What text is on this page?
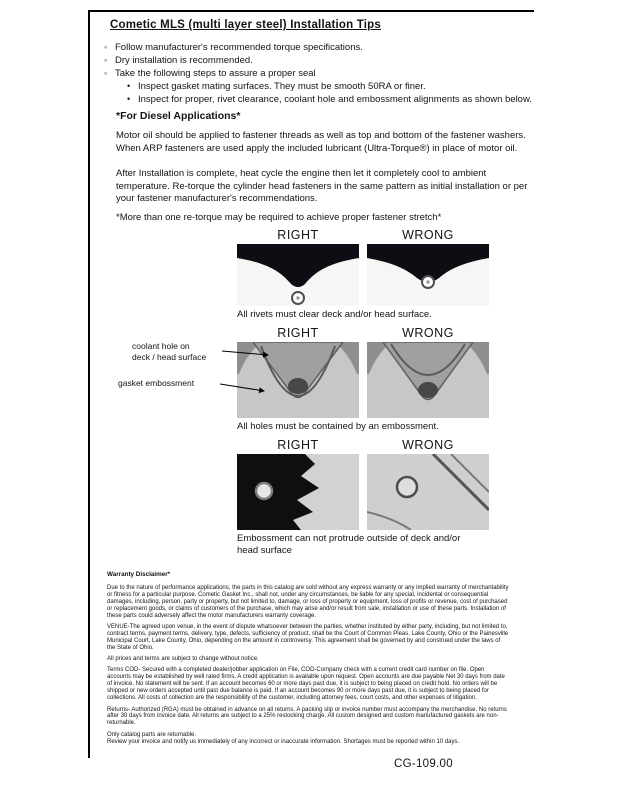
Cometic MLS (multi layer steel) Installation Tips
◦ Follow manufacturer's recommended torque specifications.
◦ Dry installation is recommended.
◦ Take the following steps to assure a proper seal
• Inspect gasket mating surfaces. They must be smooth 50RA or finer.
• Inspect for proper, rivet clearance, coolant hole and embossment alignments as shown below.
*For Diesel Applications*
Motor oil should be applied to fastener threads as well as top and bottom of the fastener washers. When ARP fasteners are used apply the included lubricant (Ultra-Torque®) in place of motor oil.
After Installation is complete, heat cycle the engine then let it completely cool to ambient temperature. Re-torque the cylinder head fasteners in the same pattern as initial installation or per your fastener manufacturer's recommendations.
*More than one re-torque may be required to achieve proper fastener stretch*
RIGHT	WRONG
All rivets must clear deck and/or head surface.
RIGHT	WRONG
All holes must be contained by an embossment.
RIGHT	WRONG
Embossment can not protrude outside of deck and/or head surface
coolant hole on
deck / head surface
gasket embossment
Warranty Disclaimer*

Due to the nature of performance applications, the parts in this catalog are sold without any express warranty or any implied warranty of merchantability or fitness for a particular purpose. Cometic Gasket Inc., shall not, under any circumstances, be liable for any special, incidental or consequential damages, including, person, party or property, but not limited to, damage, or loss of property or equipment, loss of profits or revenue, cost of purchased or replacement goods, or claims of customers of the purchase, which may arise and/or result from sale, installation or use of these parts. Installation of these parts could adversely affect the motor manufacturers warranty coverage.

VENUE-The agreed upon venue, in the event of dispute whatsoever between the parties, whether instituted by either party, including, but not limited to, contract terms, payment terms, delivery, type, defects, sufficiency of product, shall be the Court of Common Pleas, Lake County, Ohio or the Painesville Municipal Court, Lake County, Ohio, depending on the amount in controversy. This agreement shall be governed by and construed under the laws of the State of Ohio.

All prices and terms are subject to change without notice.

Terms COD- Secured with a completed dealer/jobber application on File, COD-Company check with a current credit card number on file. Open accounts may be established by well rated firms. A credit application is available upon request. Open accounts are due payable Net 30 days from date of invoice. No statement will be sent. If an account becomes 60 or more days past due, it is subject to being placed on credit hold. No orders will be shipped or new orders accepted until past due balance is paid. If an account becomes 90 or more days past due, it is subject to being placed for collections. All costs of collection are the responsibility of the customer, including attorney fees, court costs, and other expenses of litigation.

Returns- Authorized (RGA) must be obtained in advance on all returns. A packing slip or invoice number must accompany the merchandise. No returns after 30 days from invoice date. All returns are subject to a 25% restocking charge. All custom designed and custom manufactured gaskets are non-returnable.

Only catalog parts are returnable.

Review your invoice and notify us immediately of any incorrect or inaccurate information. Shortages must be reported within 10 days.

CG-109.00
